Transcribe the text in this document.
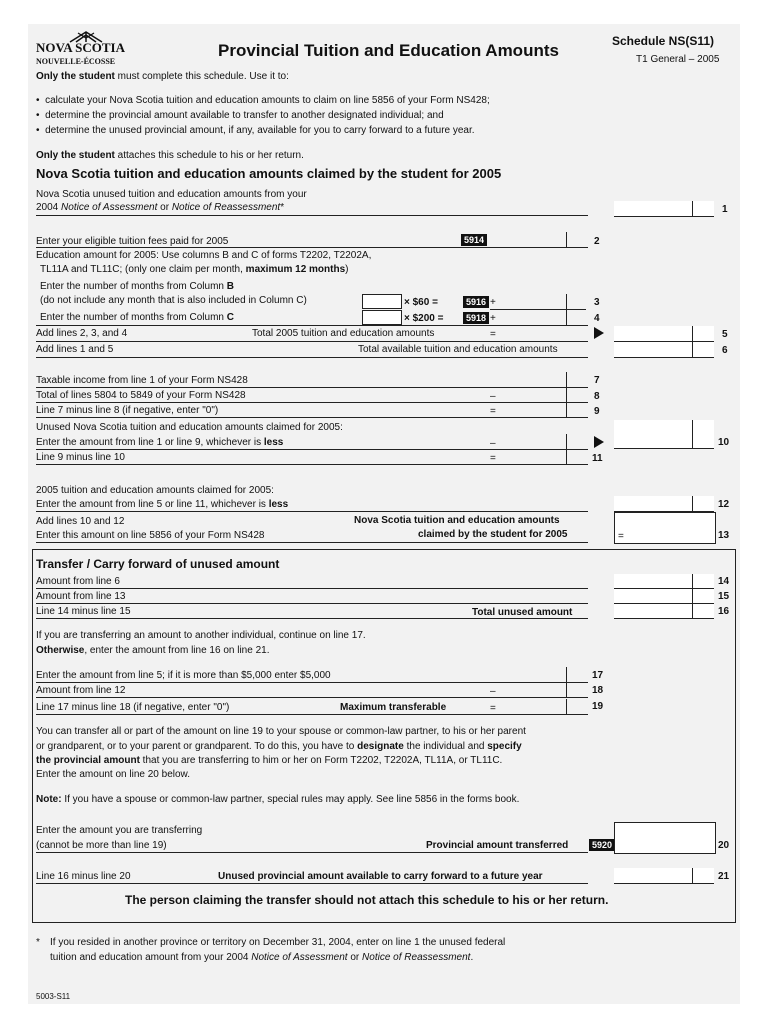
NOVA SCOTIA
NOUVELLE-ÉCOSSE
Provincial Tuition and Education Amounts	Schedule NS(S11)
T1 General – 2005
Only the student must complete this schedule. Use it to:
•  calculate your Nova Scotia tuition and education amounts to claim on line 5856 of your Form NS428;
•  determine the provincial amount available to transfer to another designated individual; and
•  determine the unused provincial amount, if any, available for you to carry forward to a future year.
Only the student attaches this schedule to his or her return.
Nova Scotia tuition and education amounts claimed by the student for 2005
Nova Scotia unused tuition and education amounts from your
2004 Notice of Assessment or Notice of Reassessment*	1
Enter your eligible tuition fees paid for 2005	5914	2
Education amount for 2005: Use columns B and C of forms T2202, T2202A,
TL11A and TL11C; (only one claim per month, maximum 12 months)
Enter the number of months from Column B
(do not include any month that is also included in Column C)	× $60 =	5916 +	3
Enter the number of months from Column C	× $200 =	5918 +	4
Add lines 2, 3, and 4	Total 2005 tuition and education amounts	=	5
Add lines 1 and 5	Total available tuition and education amounts	6
Taxable income from line 1 of your Form NS428	7
Total of lines 5804 to 5849 of your Form NS428	–	8
Line 7 minus line 8 (if negative, enter "0")	=	9
Unused Nova Scotia tuition and education amounts claimed for 2005:
Enter the amount from line 1 or line 9, whichever is less	–	10
Line 9 minus line 10	=	11
2005 tuition and education amounts claimed for 2005:
Enter the amount from line 5 or line 11, whichever is less	12
Add lines 10 and 12
Enter this amount on line 5856 of your Form NS428
Nova Scotia tuition and education amounts
claimed by the student for 2005	=	13
Transfer / Carry forward of unused amount
Amount from line 6	14
Amount from line 13	15
Line 14 minus line 15	Total unused amount	16
If you are transferring an amount to another individual, continue on line 17.
Otherwise, enter the amount from line 16 on line 21.
Enter the amount from line 5; if it is more than $5,000 enter $5,000	17
Amount from line 12	–	18
Line 17 minus line 18 (if negative, enter "0")	Maximum transferable	=	19
You can transfer all or part of the amount on line 19 to your spouse or common-law partner, to his or her parent
or grandparent, or to your parent or grandparent. To do this, you have to designate the individual and specify
the provincial amount that you are transferring to him or her on Form T2202, T2202A, TL11A, or TL11C.
Enter the amount on line 20 below.
Note: If you have a spouse or common-law partner, special rules may apply. See line 5856 in the forms book.
Enter the amount you are transferring
(cannot be more than line 19)	Provincial amount transferred	5920	20
Line 16 minus line 20	Unused provincial amount available to carry forward to a future year	21
The person claiming the transfer should not attach this schedule to his or her return.
* If you resided in another province or territory on December 31, 2004, enter on line 1 the unused federal
tuition and education amount from your 2004 Notice of Assessment or Notice of Reassessment.
5003-S11
